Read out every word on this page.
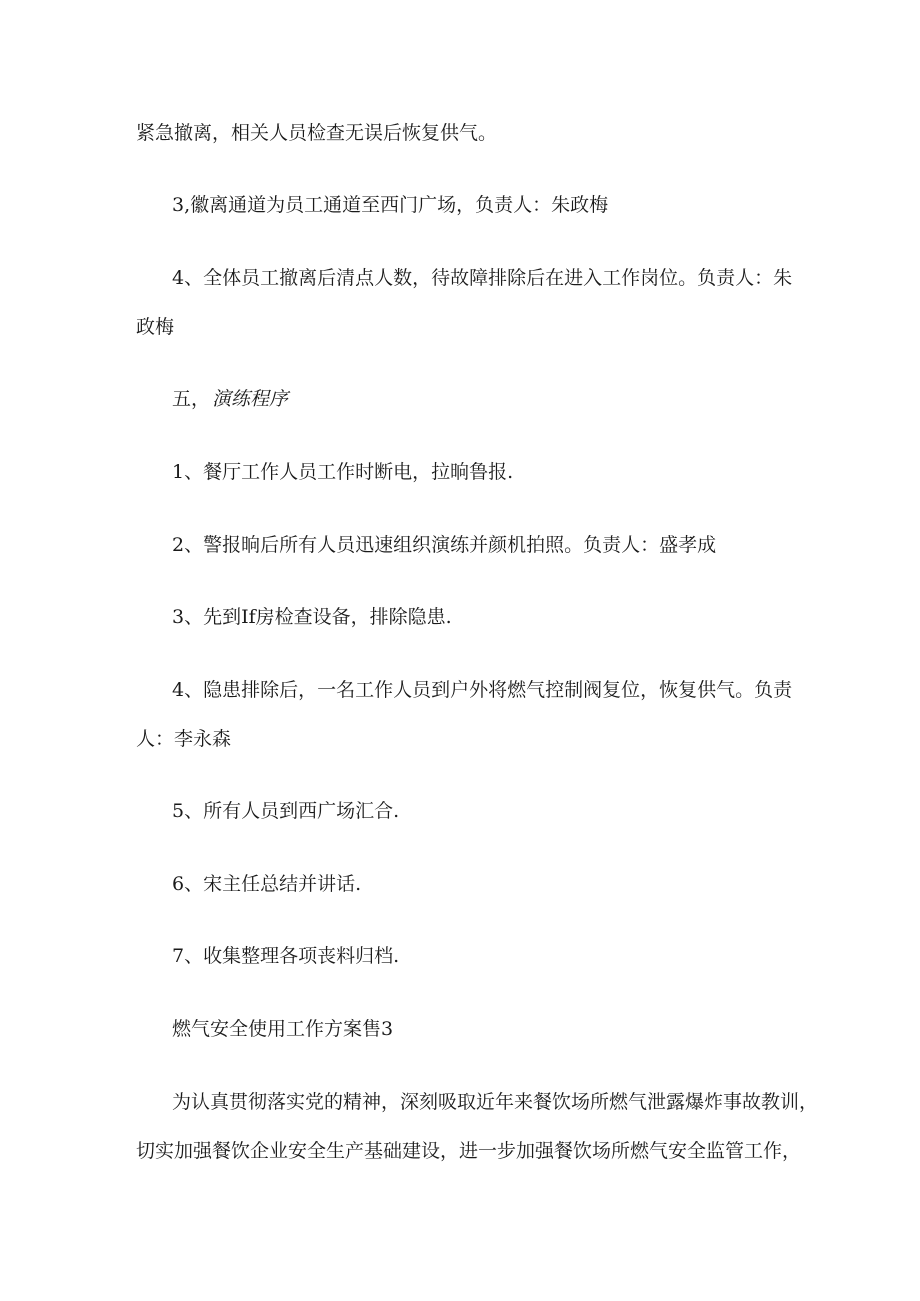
紧急撤离，相关人员检查无误后恢复供气。
3,徽离通道为员工通道至西门广场，负责人：朱政梅
4、全体员工撤离后清点人数，待故障排除后在进入工作岗位。负责人：朱
政梅
五， 演练程序
1、餐厅工作人员工作时断电，拉晌鲁报.
2、警报晌后所有人员迅速组织演练并颜机拍照。负责人：盛孝成
3、先到If房检查设备，排除隐患.
4、隐患排除后，一名工作人员到户外将燃气控制阀复位，恢复供气。负责
人：李永森
5、所有人员到西广场汇合.
6、宋主任总结并讲话.
7、收集整理各项丧料归档.
燃气安全使用工作方案售3
为认真贯彻落实党的精神，深刻吸取近年来餐饮场所燃气泄露爆炸事故教训，
切实加强餐饮企业安全生产基础建设，进一步加强餐饮场所燃气安全监管工作，
